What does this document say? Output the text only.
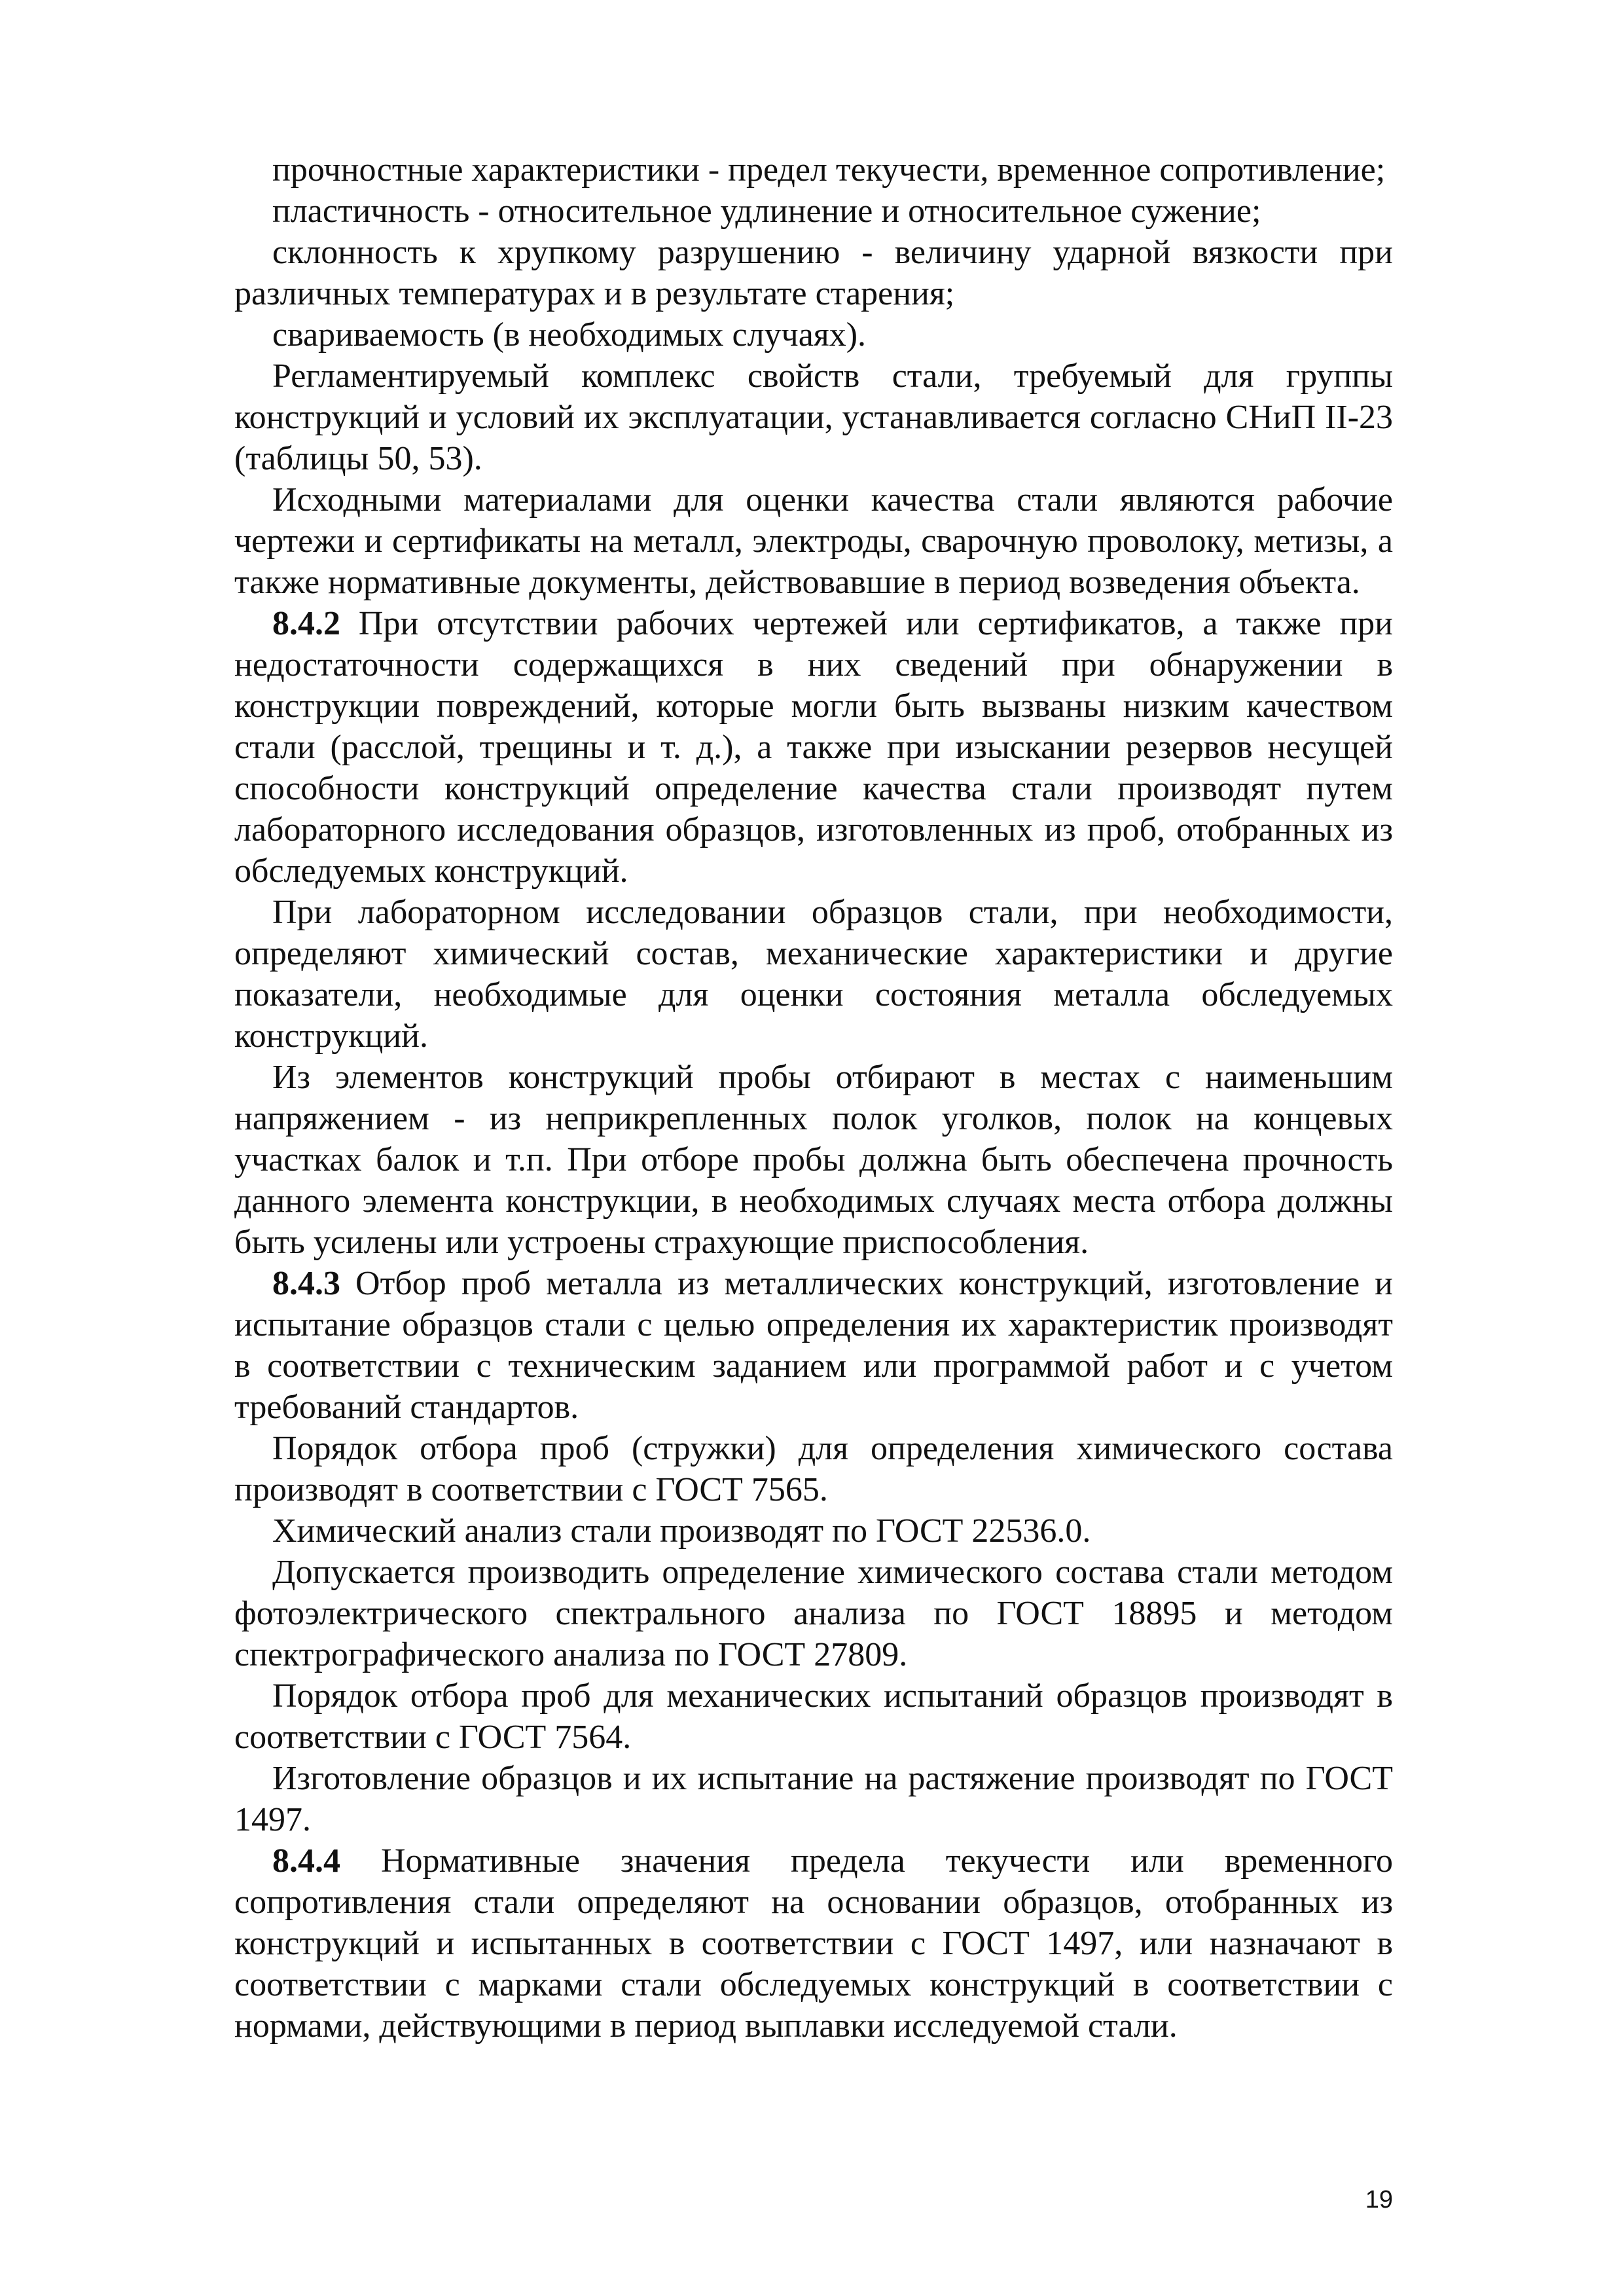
прочностные характеристики - предел текучести, временное сопротивление;

пластичность - относительное удлинение и относительное сужение;

склонность к хрупкому разрушению - величину ударной вязкости при различных температурах и в результате старения;

свариваемость (в необходимых случаях).

Регламентируемый комплекс свойств стали, требуемый для группы конструкций и условий их эксплуатации, устанавливается согласно СНиП II-23 (таблицы 50, 53).

Исходными материалами для оценки качества стали являются рабочие чертежи и сертификаты на металл, электроды, сварочную проволоку, метизы, а также нормативные документы, действовавшие в период возведения объекта.

8.4.2 При отсутствии рабочих чертежей или сертификатов, а также при недостаточности содержащихся в них сведений при обнаружении в конструкции повреждений, которые могли быть вызваны низким качеством стали (расслой, трещины и т. д.), а также при изыскании резервов несущей способности конструкций определение качества стали производят путем лабораторного исследования образцов, изготовленных из проб, отобранных из обследуемых конструкций.

При лабораторном исследовании образцов стали, при необходимости, определяют химический состав, механические характеристики и другие показатели, необходимые для оценки состояния металла обследуемых конструкций.

Из элементов конструкций пробы отбирают в местах с наименьшим напряжением - из неприкрепленных полок уголков, полок на концевых участках балок и т.п. При отборе пробы должна быть обеспечена прочность данного элемента конструкции, в необходимых случаях места отбора должны быть усилены или устроены страхующие приспособления.

8.4.3 Отбор проб металла из металлических конструкций, изготовление и испытание образцов стали с целью определения их характеристик производят в соответствии с техническим заданием или программой работ и с учетом требований стандартов.

Порядок отбора проб (стружки) для определения химического состава производят в соответствии с ГОСТ 7565.

Химический анализ стали производят по ГОСТ 22536.0.

Допускается производить определение химического состава стали методом фотоэлектрического спектрального анализа по ГОСТ 18895 и методом спектрографического анализа по ГОСТ 27809.

Порядок отбора проб для механических испытаний образцов производят в соответствии с ГОСТ 7564.

Изготовление образцов и их испытание на растяжение производят по ГОСТ 1497.

8.4.4 Нормативные значения предела текучести или временного сопротивления стали определяют на основании образцов, отобранных из конструкций и испытанных в соответствии с ГОСТ 1497, или назначают в соответствии с марками стали обследуемых конструкций в соответствии с нормами, действующими в период выплавки исследуемой стали.

19
